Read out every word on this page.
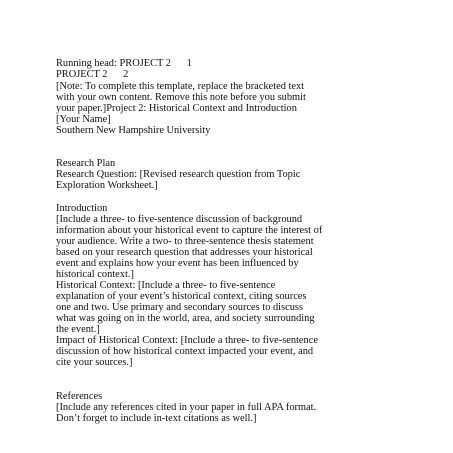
Running head: PROJECT 2      1
PROJECT 2      2
[Note: To complete this template, replace the bracketed text
with your own content. Remove this note before you submit
your paper.]Project 2: Historical Context and Introduction
[Your Name]
Southern New Hampshire University
Research Plan
Research Question: [Revised research question from Topic
Exploration Worksheet.]
Introduction
[Include a three- to five-sentence discussion of background
information about your historical event to capture the interest of
your audience. Write a two- to three-sentence thesis statement
based on your research question that addresses your historical
event and explains how your event has been influenced by
historical context.]
Historical Context: [Include a three- to five-sentence
explanation of your event’s historical context, citing sources
one and two. Use primary and secondary sources to discuss
what was going on in the world, area, and society surrounding
the event.]
Impact of Historical Context: [Include a three- to five-sentence
discussion of how historical context impacted your event, and
cite your sources.]
References
[Include any references cited in your paper in full APA format.
Don’t forget to include in-text citations as well.]
